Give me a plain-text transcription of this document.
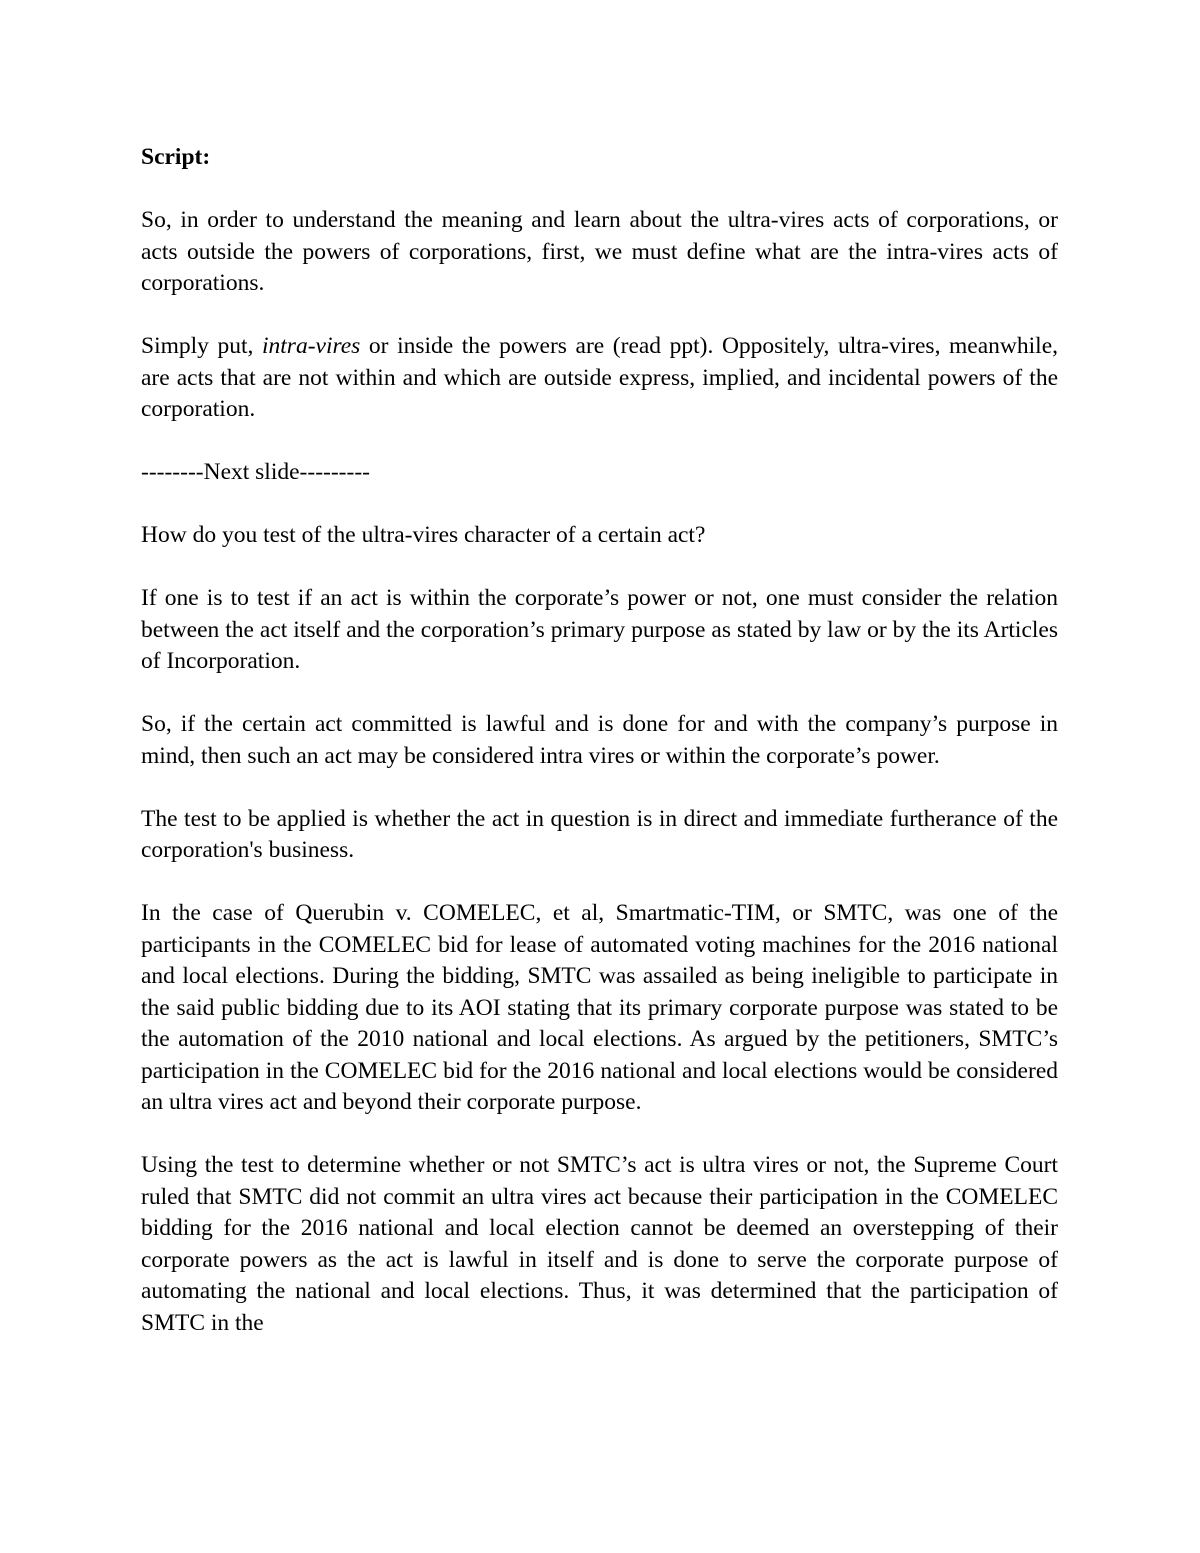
Script:

So, in order to understand the meaning and learn about the ultra-vires acts of corporations, or acts outside the powers of corporations, first, we must define what are the intra-vires acts of corporations.

Simply put, intra-vires or inside the powers are (read ppt). Oppositely, ultra-vires, meanwhile, are acts that are not within and which are outside express, implied, and incidental powers of the corporation.

--------Next slide---------

How do you test of the ultra-vires character of a certain act?

If one is to test if an act is within the corporate’s power or not, one must consider the relation between the act itself and the corporation’s primary purpose as stated by law or by the its Articles of Incorporation.

So, if the certain act committed is lawful and is done for and with the company’s purpose in mind, then such an act may be considered intra vires or within the corporate’s power.

The test to be applied is whether the act in question is in direct and immediate furtherance of the corporation's business.

In the case of Querubin v. COMELEC, et al, Smartmatic-TIM, or SMTC, was one of the participants in the COMELEC bid for lease of automated voting machines for the 2016 national and local elections. During the bidding, SMTC was assailed as being ineligible to participate in the said public bidding due to its AOI stating that its primary corporate purpose was stated to be the automation of the 2010 national and local elections. As argued by the petitioners, SMTC’s participation in the COMELEC bid for the 2016 national and local elections would be considered an ultra vires act and beyond their corporate purpose.

Using the test to determine whether or not SMTC’s act is ultra vires or not, the Supreme Court ruled that SMTC did not commit an ultra vires act because their participation in the COMELEC bidding for the 2016 national and local election cannot be deemed an overstepping of their corporate powers as the act is lawful in itself and is done to serve the corporate purpose of automating the national and local elections. Thus, it was determined that the participation of SMTC in the
